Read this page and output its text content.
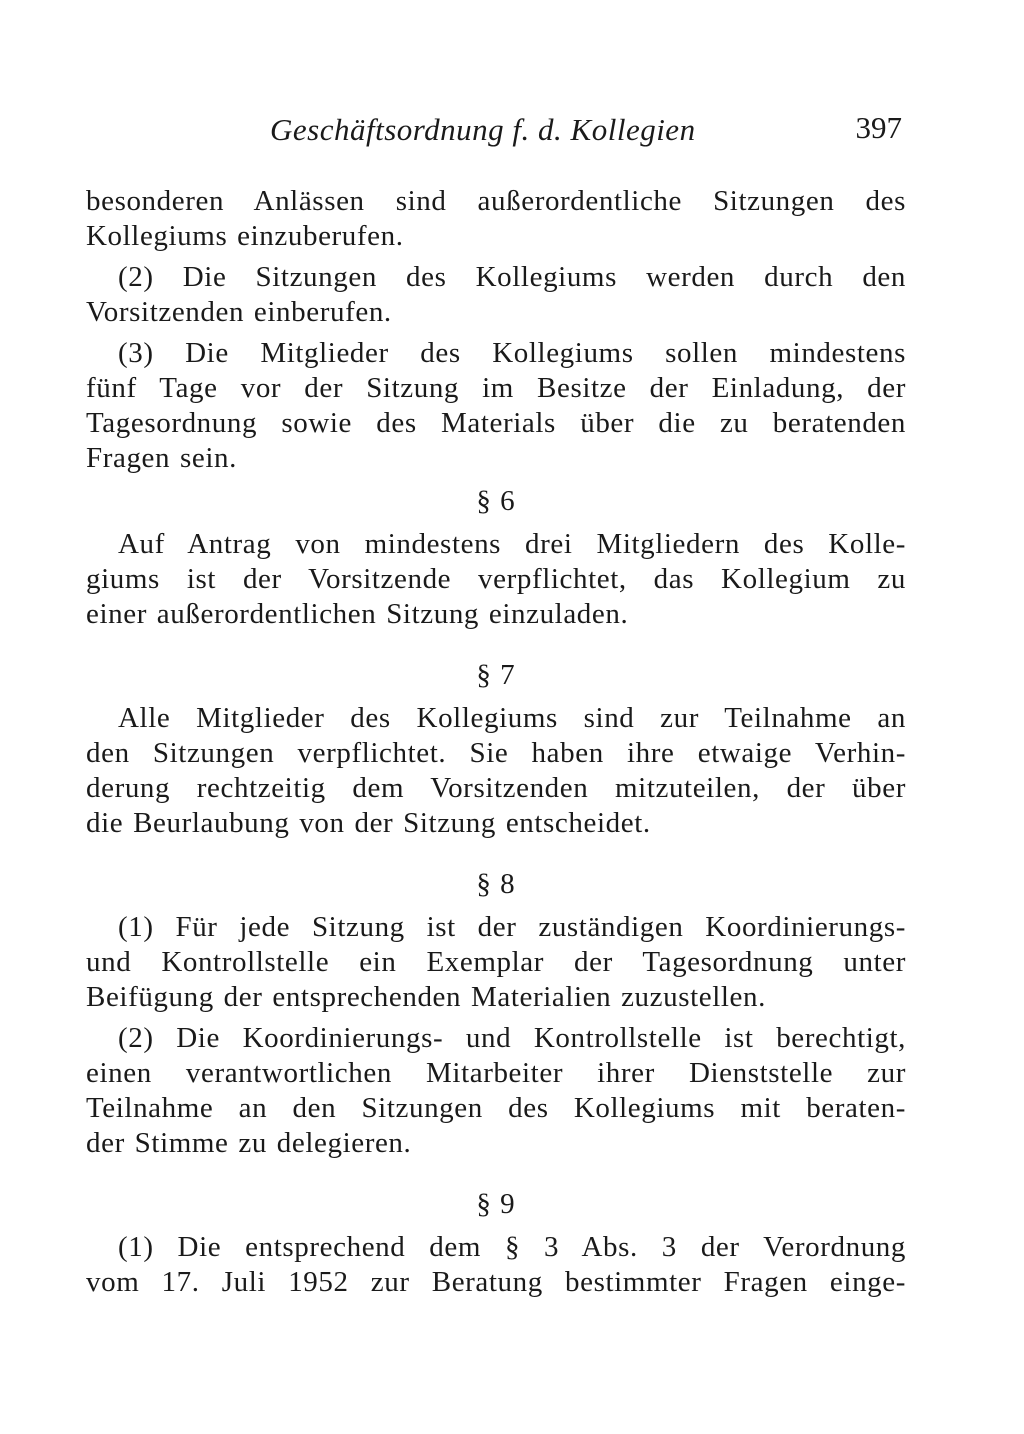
Geschäftsordnung f. d. Kollegien	397

besonderen Anlässen sind außerordentliche Sitzungen des
Kollegiums einzuberufen.

(2) Die Sitzungen des Kollegiums werden durch den
Vorsitzenden einberufen.

(3) Die Mitglieder des Kollegiums sollen mindestens
fünf Tage vor der Sitzung im Besitze der Einladung, der
Tagesordnung sowie des Materials über die zu beratenden
Fragen sein.

§ 6

Auf Antrag von mindestens drei Mitgliedern des Kolle-
giums ist der Vorsitzende verpflichtet, das Kollegium zu
einer außerordentlichen Sitzung einzuladen.

§ 7

Alle Mitglieder des Kollegiums sind zur Teilnahme an
den Sitzungen verpflichtet. Sie haben ihre etwaige Verhin-
derung rechtzeitig dem Vorsitzenden mitzuteilen, der über
die Beurlaubung von der Sitzung entscheidet.

§ 8

(1) Für jede Sitzung ist der zuständigen Koordinierungs-
und Kontrollstelle ein Exemplar der Tagesordnung unter
Beifügung der entsprechenden Materialien zuzustellen.

(2) Die Koordinierungs- und Kontrollstelle ist berechtigt,
einen verantwortlichen Mitarbeiter ihrer Dienststelle zur
Teilnahme an den Sitzungen des Kollegiums mit beraten-
der Stimme zu delegieren.

§ 9

(1) Die entsprechend dem § 3 Abs. 3 der Verordnung
vom 17. Juli 1952 zur Beratung bestimmter Fragen einge-
